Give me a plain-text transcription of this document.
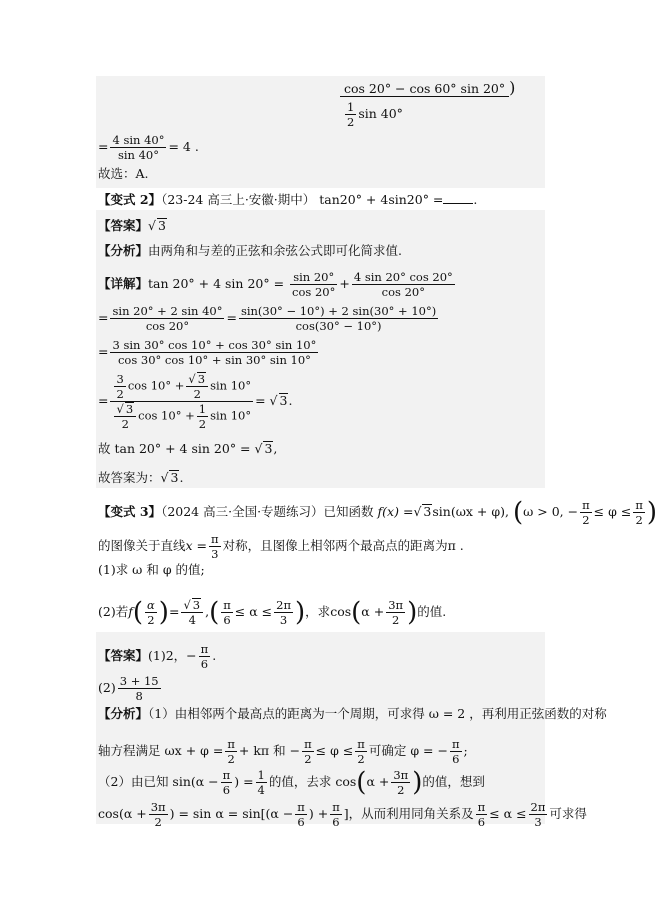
cos 20° − cos 60° sin 20° )
$\frac{1}{2}$ sin 40°
= $\frac{4 \sin 40^\circ}{\sin 40^\circ} = 4$ .
故选：A.
【变式 2】（23-24 高三上·安徽·期中） tan20° + 4sin20° = .
【答案】√ 3
【分析】由两角和与差的正弦和余弦公式即可化简求值.
【详解】tan 20° + 4 $\sin 20^\circ = \frac{\sin 20^\circ}{\cos 20^\circ} + \frac{4 \sin 20^\circ \cos 20^\circ}{\cos 20^\circ}$
= $\frac{\sin 20^\circ + 2 \sin 40^\circ}{\cos 20^\circ} = \frac{\sin(30^\circ - 10^\circ) + 2 \sin(30^\circ + 10^\circ)}{\cos(30^\circ - 10^\circ)}$
= $\frac{3 \sin 30^\circ \cos 10^\circ + \cos 30^\circ \sin 10^\circ}{\cos 30^\circ \cos 10^\circ + \sin 30^\circ \sin 10^\circ}$
= $\frac{\frac{3}{2} \cos 10^\circ + \frac{√ 3}{2} \sin 10^\circ}{\frac{√ 3}{2} \cos 10^\circ + \frac{1}{2} \sin 10^\circ}$ = √ 3.
故 tan 20° + 4 sin 20° = √ 3,
故答案为：√ 3.
【变式 3】（2024 高三·全国·专题练习）已知函数 f(x) =√ 3sin(ωx + φ), (ω > 0, − $\frac{\pi}{2} \le \varphi \le \frac{\pi}{2}$ )
的图像关于直线$x = \frac{\pi}{3}$ 对称，且图像上相邻两个最高点的距离为π .
(1)求 ω 和 φ 的值;
(2)若$f( \frac{\alpha}{2}$ )= $\frac{√ 3}{4}$ ,( $\frac{\pi}{6} \le \alpha \le \frac{2\pi}{3}$ )，求$\cos(\alpha + \frac{3\pi}{2}$ )的值.
【答案】(1)2，− $\frac{\pi}{6}$ .
$(2) \frac{3 + 15}{8}$
【分析】（1）由相邻两个最高点的距离为一个周期，可求得 ω = 2 ，再利用正弦函数的对称
轴方程满足 $\omega x + \varphi = \frac{\pi}{2} + k\pi$ 和 − $\frac{\pi}{2} \le \varphi \le \frac{\pi}{2}$ 可确定 φ = − $\frac{\pi}{6}$ ;
（2）由已知 $\sin(\alpha - \frac{\pi}{6}$ ) = $\frac{1}{4}$ 的值，去求 $\cos(\alpha + \frac{3\pi}{2}$ )的值，想到
$\cos(\alpha + \frac{3\pi}{2}$ ) = $\sin \alpha = \sin[(\alpha - \frac{\pi}{6}$ ) + $\frac{\pi}{6}$ ]，从而利用同角关系及 $\frac{\pi}{6} \le \alpha \le \frac{2\pi}{3}$ 可求得
